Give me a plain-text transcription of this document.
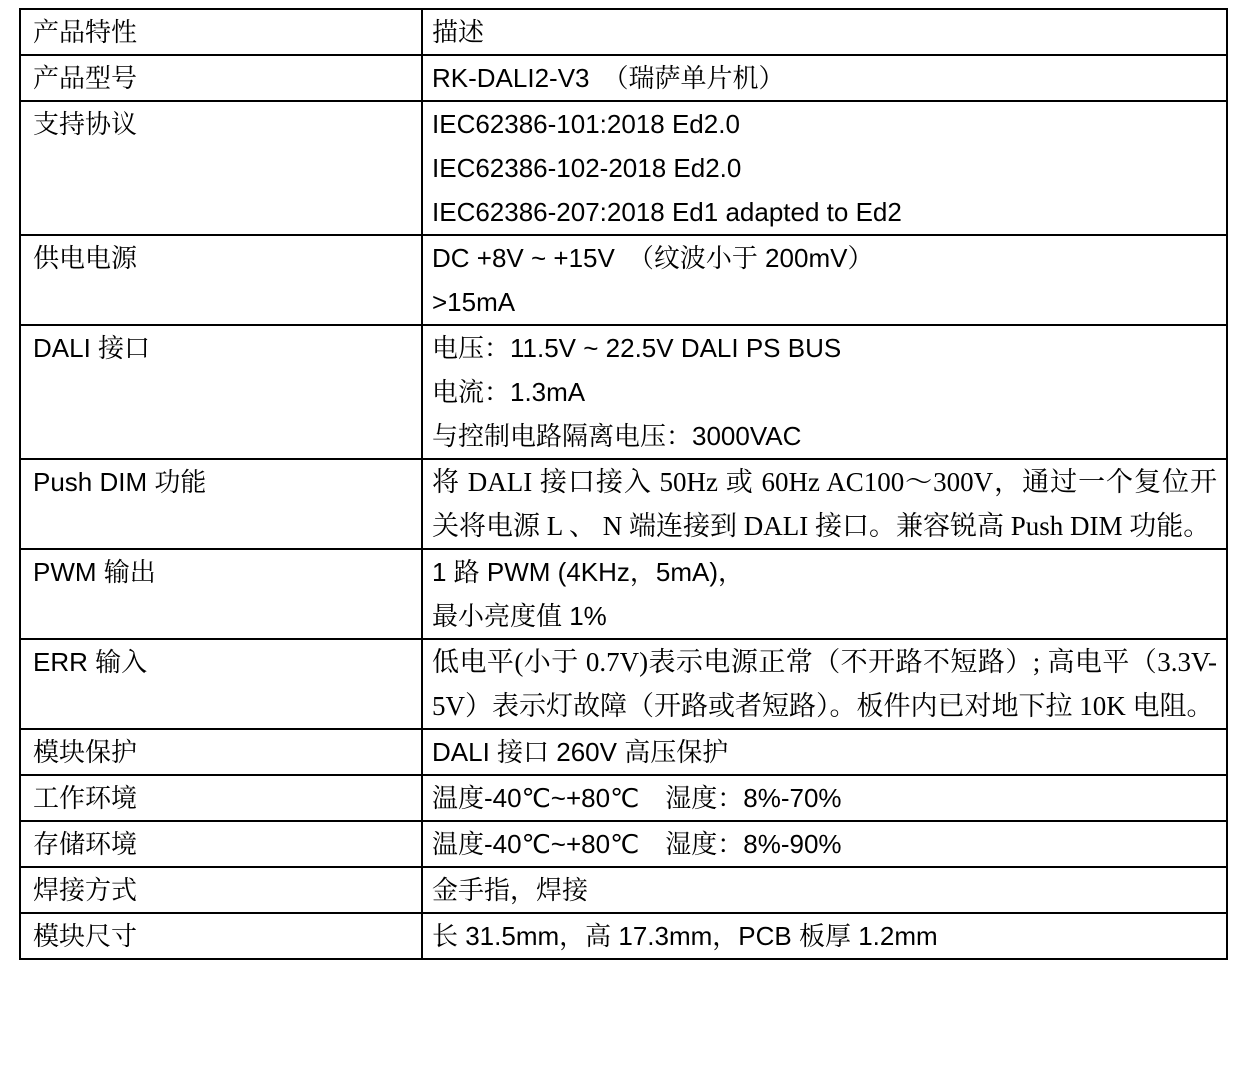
产品特性	描述

产品型号	RK-DALI2-V3　（瑞萨单片机）

支持协议	IEC62386-101:2018 Ed2.0
IEC62386-102-2018 Ed2.0
IEC62386-207:2018 Ed1 adapted to Ed2

供电电源	DC +8V ~ +15V　（纹波小于 200mV）
>15mA

DALI 接口	电压：11.5V ~ 22.5V DALI PS BUS
电流：1.3mA
与控制电路隔离电压：3000VAC

Push DIM 功能	将 DALI 接口接入 50Hz 或 60Hz AC100～300V，通过一个复位开关将电源 L 、 N 端连接到 DALI 接口。兼容锐高 Push DIM 功能。

PWM 输出	1 路 PWM (4KHz，5mA)，
最小亮度值 1%

ERR 输入	低电平(小于 0.7V)表示电源正常（不开路不短路）; 高电平（3.3V-5V）表示灯故障（开路或者短路）。板件内已对地下拉 10K 电阻。

模块保护	DALI 接口 260V 高压保护

工作环境	温度-40℃~+80℃　湿度：8%-70%

存储环境	温度-40℃~+80℃　湿度：8%-90%

焊接方式	金手指，焊接

模块尺寸	长 31.5mm，高 17.3mm，PCB 板厚 1.2mm
